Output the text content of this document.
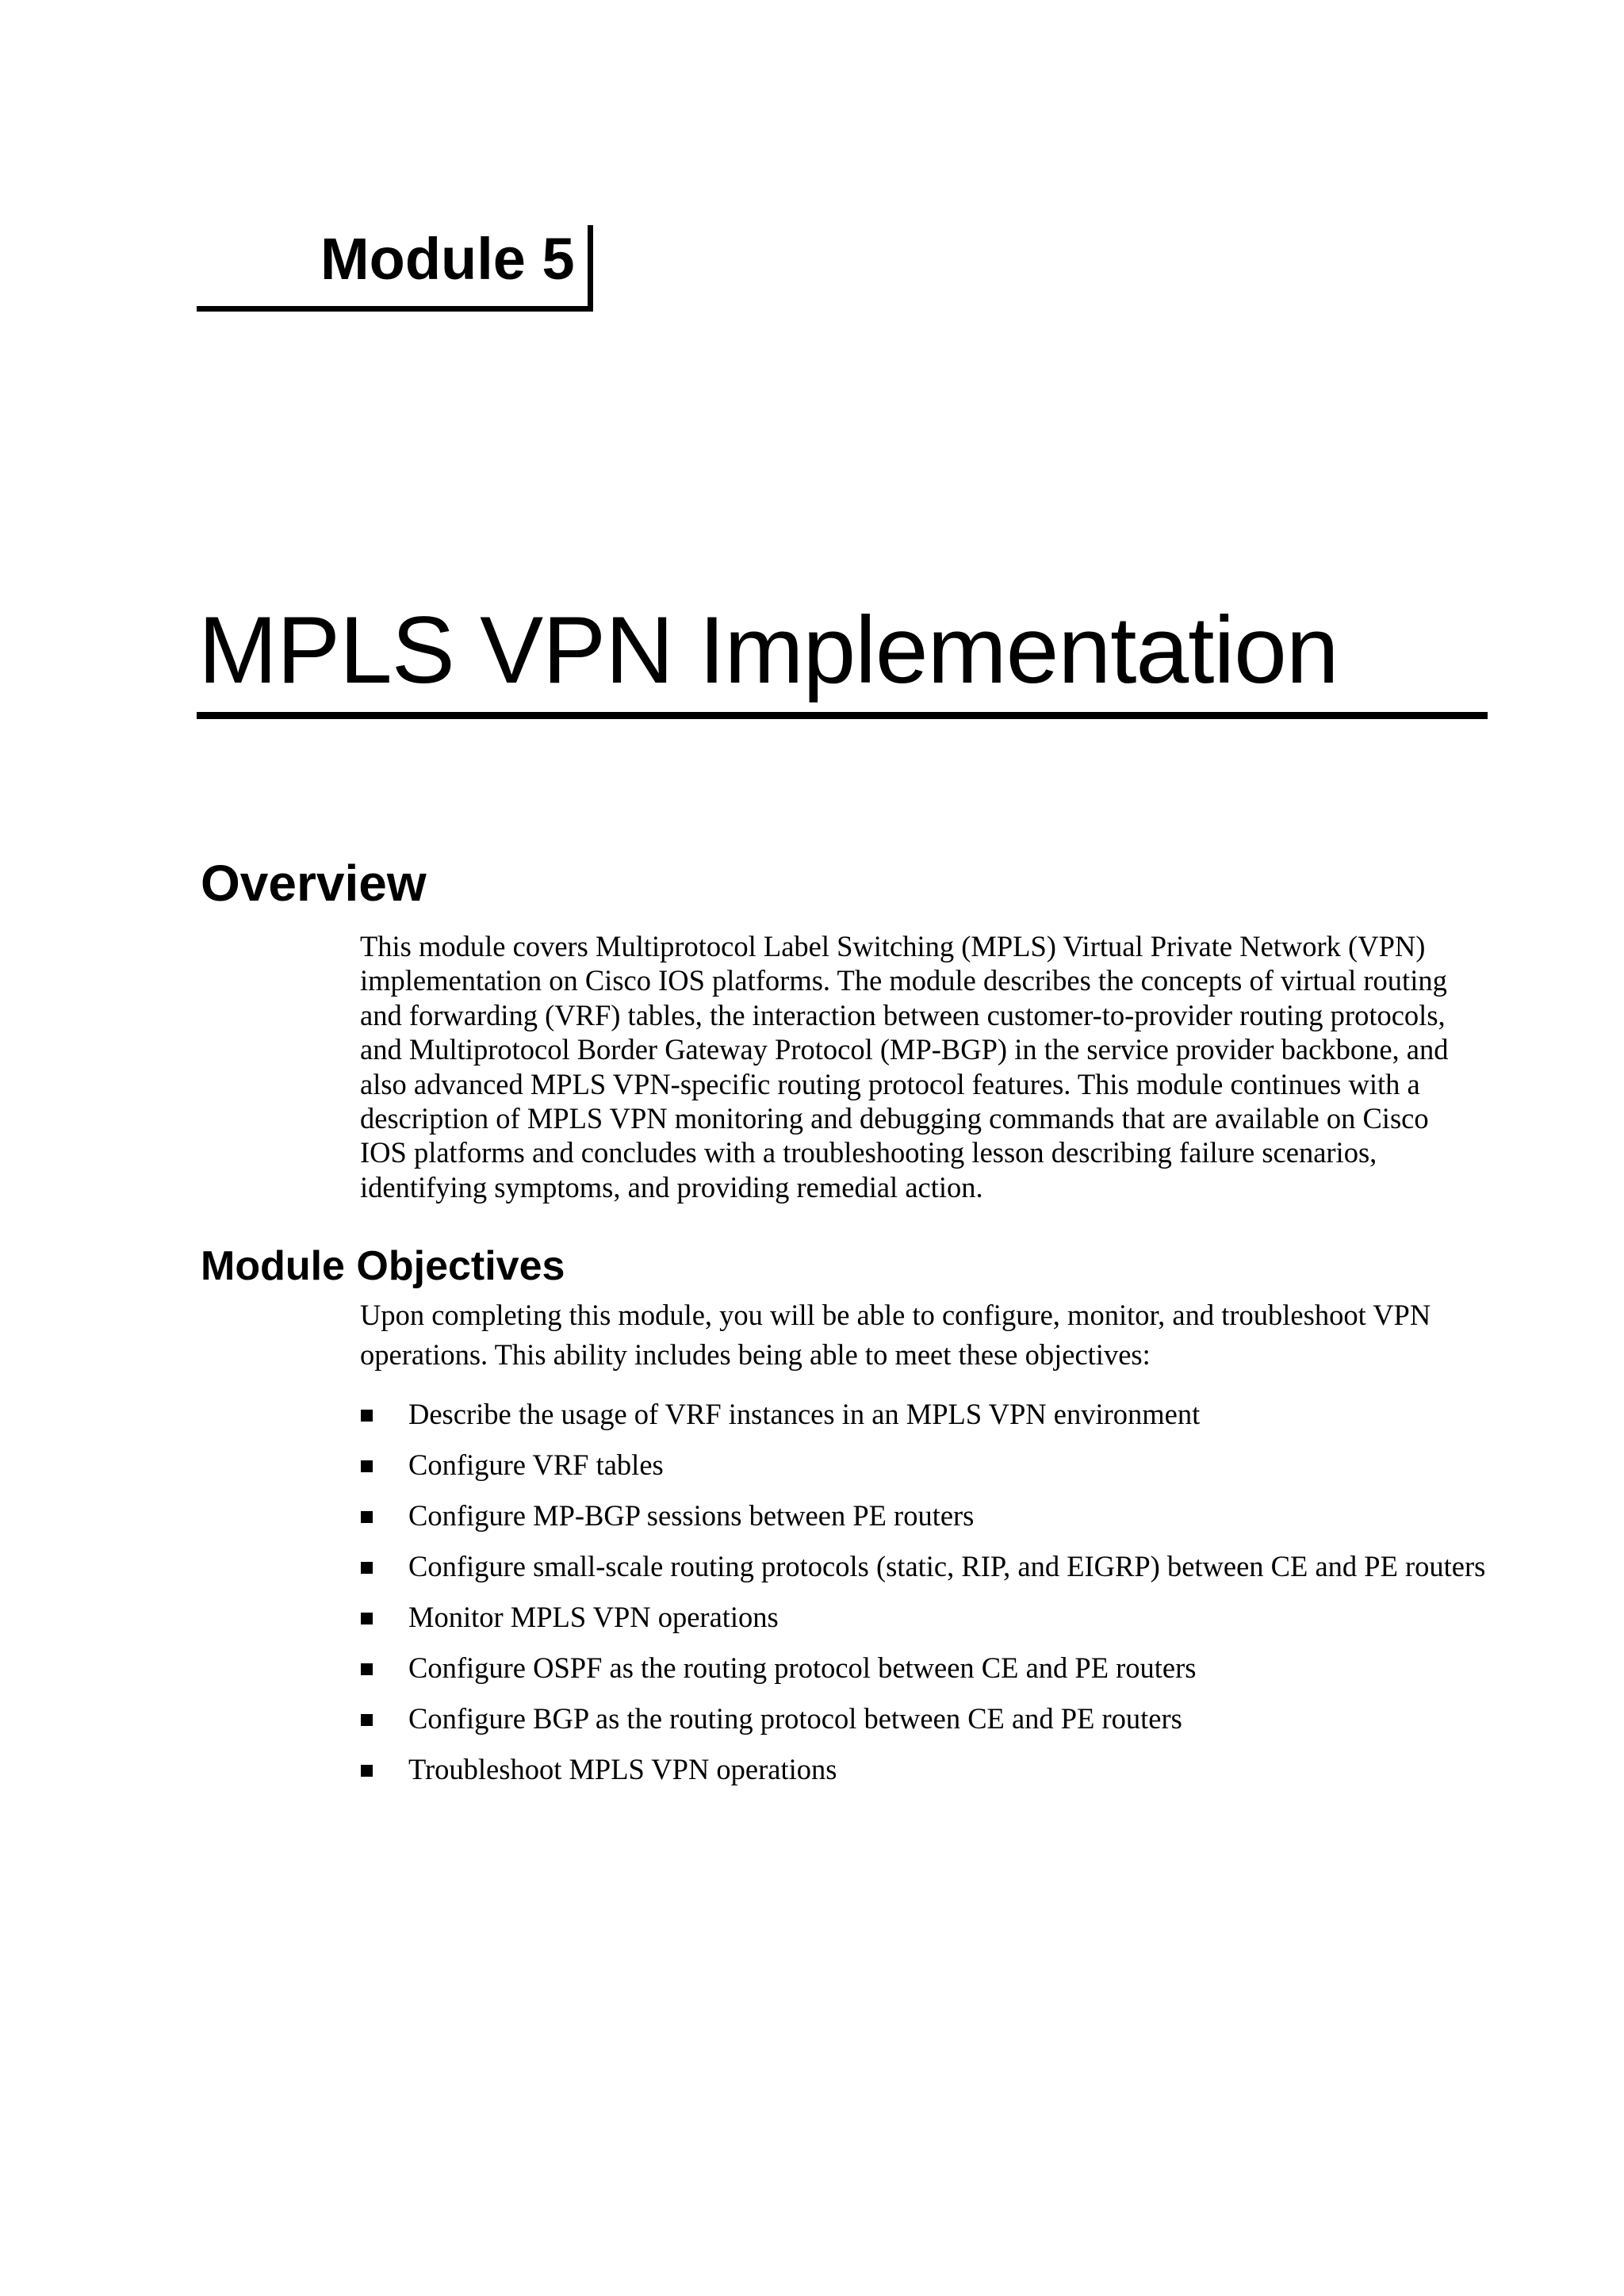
Module 5
MPLS VPN Implementation
Overview

This module covers Multiprotocol Label Switching (MPLS) Virtual Private Network (VPN) implementation on Cisco IOS platforms. The module describes the concepts of virtual routing and forwarding (VRF) tables, the interaction between customer-to-provider routing protocols, and Multiprotocol Border Gateway Protocol (MP-BGP) in the service provider backbone, and also advanced MPLS VPN-specific routing protocol features. This module continues with a description of MPLS VPN monitoring and debugging commands that are available on Cisco IOS platforms and concludes with a troubleshooting lesson describing failure scenarios, identifying symptoms, and providing remedial action.

Module Objectives

Upon completing this module, you will be able to configure, monitor, and troubleshoot VPN operations. This ability includes being able to meet these objectives:

Describe the usage of VRF instances in an MPLS VPN environment
Configure VRF tables
Configure MP-BGP sessions between PE routers
Configure small-scale routing protocols (static, RIP, and EIGRP) between CE and PE routers
Monitor MPLS VPN operations
Configure OSPF as the routing protocol between CE and PE routers
Configure BGP as the routing protocol between CE and PE routers
Troubleshoot MPLS VPN operations
